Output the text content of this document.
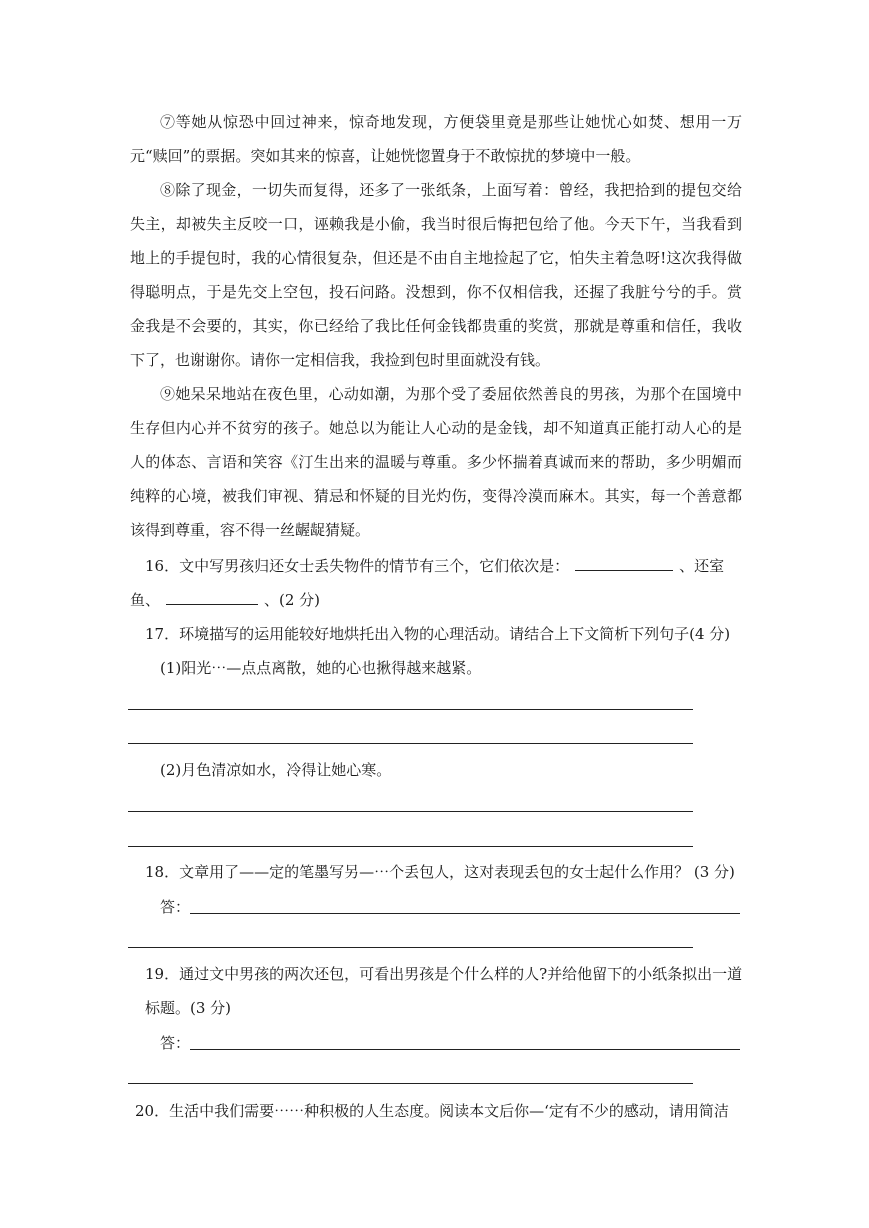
⑦等她从惊恐中回过神来，惊奇地发现，方便袋里竟是那些让她忧心如焚、想用一万元“赎回”的票据。突如其来的惊喜，让她恍惚置身于不敢惊扰的梦境中一般。

⑧除了现金，一切失而复得，还多了一张纸条，上面写着：曾经，我把拾到的提包交给失主，却被失主反咬一口，诬赖我是小偷，我当时很后悔把包给了他。今天下午，当我看到地上的手提包时，我的心情很复杂，但还是不由自主地捡起了它，怕失主着急呀!这次我得做得聪明点，于是先交上空包，投石问路。没想到，你不仅相信我，还握了我脏兮兮的手。赏金我是不会要的，其实，你已经给了我比任何金钱都贵重的奖赏，那就是尊重和信任，我收下了，也谢谢你。请你一定相信我，我捡到包时里面就没有钱。

⑨她呆呆地站在夜色里，心动如潮，为那个受了委屈依然善良的男孩，为那个在国境中生存但内心并不贫穷的孩子。她总以为能让人心动的是金钱，却不知道真正能打动人心的是人的体态、言语和笑容《汀生出来的温暖与尊重。多少怀揣着真诚而来的帮助，多少明媚而纯粹的心境，被我们审视、猜忌和怀疑的目光灼伤，变得冷漠而麻木。其实，每一个善意都该得到尊重，容不得一丝龌龊猜疑。

16．文中写男孩归还女士丢失物件的情节有三个，它们依次是：	、还室
鱼、	、(2 分)
17．环境描写的运用能较好地烘托出入物的心理活动。请结合上下文简析下列句子(4 分)
(1)阳光⋯—点点离散，她的心也揪得越来越紧。
(2)月色清凉如水，冷得让她心寒。
18．文章用了——定的笔墨写另—⋯个丢包人，这对表现丢包的女士起什么作用？ (3 分)
答：
19．通过文中男孩的两次还包，可看出男孩是个什么样的人?并给他留下的小纸条拟出一道
标题。(3 分)
答：
20．生活中我们需要⋯⋯种积极的人生态度。阅读本文后你—‘定有不少的感动，请用简洁
